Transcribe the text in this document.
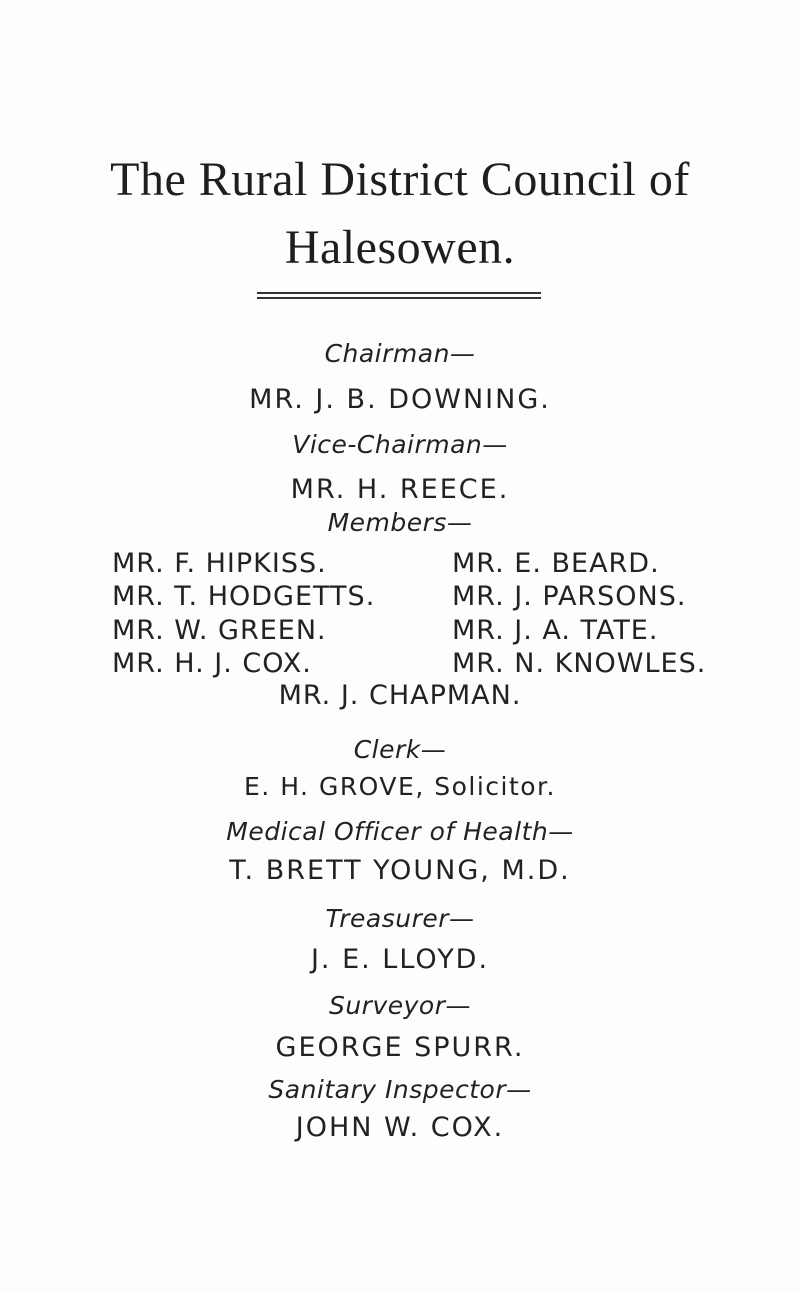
The Rural District Council of
Halesowen.
Chairman—
MR. J. B. DOWNING.
Vice-Chairman—
MR. H. REECE.
Members—
MR. F. HIPKISS.
MR. T. HODGETTS.
MR. W. GREEN.
MR. H. J. COX.
MR. E. BEARD.
MR. J. PARSONS.
MR. J. A. TATE.
MR. N. KNOWLES.
MR. J. CHAPMAN.
Clerk—
E. H. GROVE, Solicitor.
Medical Officer of Health—
T. BRETT YOUNG, M.D.
Treasurer—
J. E. LLOYD.
Surveyor—
GEORGE SPURR.
Sanitary Inspector—
JOHN W. COX.
